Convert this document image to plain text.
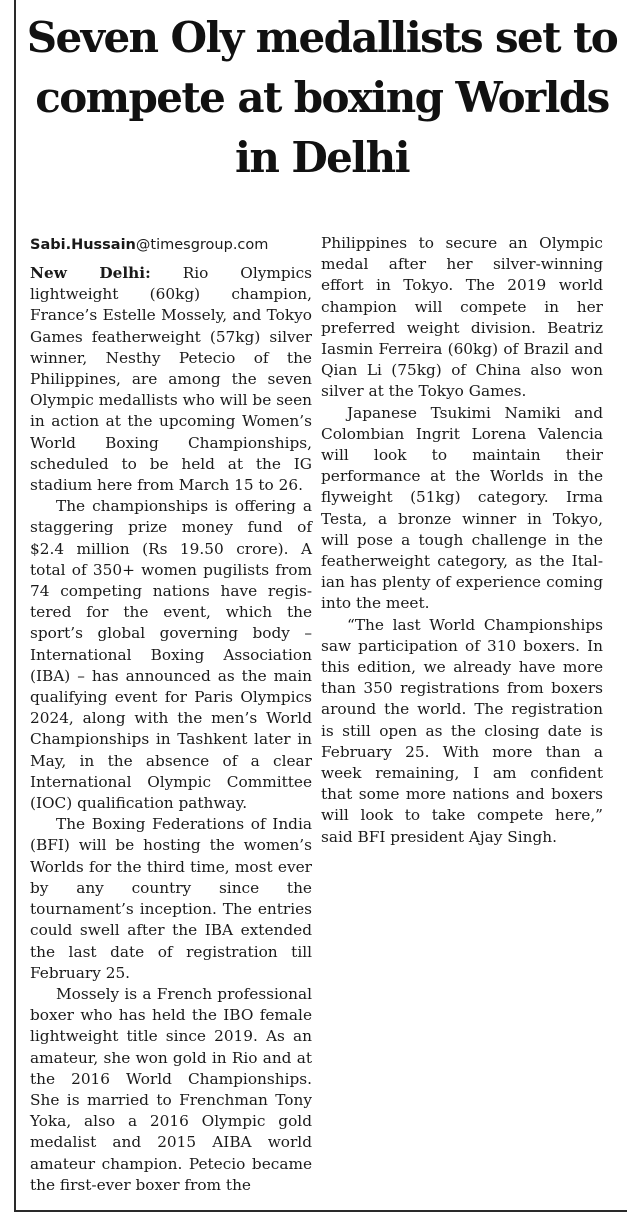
Seven Oly medallists set to compete at boxing Worlds in Delhi
Sabi.Hussain@timesgroup.com

New Delhi: Rio Olympics lightweight (60kg) champion, France’s Estelle Mossely, and Tokyo Games featherweight (57kg) silver winner, Nesthy Petecio of the Philippines, are among the seven Olympic medallists who will be seen in action at the upcoming Women’s World Boxing Championships, scheduled to be held at the IG stadium here from March 15 to 26.

The championships is offering a staggering prize money fund of $2.4 million (Rs 19.50 crore). A total of 350+ women pugilists from 74 competing nations have registered for the event, which the sport’s global governing body – International Boxing Association (IBA) – has announced as the main qualifying event for Paris Olympics 2024, along with the men’s World Championships in Tashkent later in May, in the absence of a clear International Olympic Committee (IOC) qualification pathway.

The Boxing Federations of India (BFI) will be hosting the women’s Worlds for the third time, most ever by any country since the tournament’s inception. The entries could swell after the IBA extended the last date of registration till February 25.

Mossely is a French professional boxer who has held the IBO female lightweight title since 2019. As an amateur, she won gold in Rio and at the 2016 World Championships. She is married to Frenchman Tony Yoka, also a 2016 Olympic gold medalist and 2015 AIBA world amateur champion. Petecio became the first-ever boxer from the

Philippines to secure an Olympic medal after her silver-winning effort in Tokyo. The 2019 world champion will compete in her preferred weight division. Beatriz Iasmin Ferreira (60kg) of Brazil and Qian Li (75kg) of China also won silver at the Tokyo Games.

Japanese Tsukimi Namiki and Colombian Ingrit Lorena Valencia will look to maintain their performance at the Worlds in the flyweight (51kg) category. Irma Testa, a bronze winner in Tokyo, will pose a tough challenge in the featherweight category, as the Italian has plenty of experience coming into the meet.

“The last World Championships saw participation of 310 boxers. In this edition, we already have more than 350 registrations from boxers around the world. The registration is still open as the closing date is February 25. With more than a week remaining, I am confident that some more nations and boxers will look to take compete here,” said BFI president Ajay Singh.
